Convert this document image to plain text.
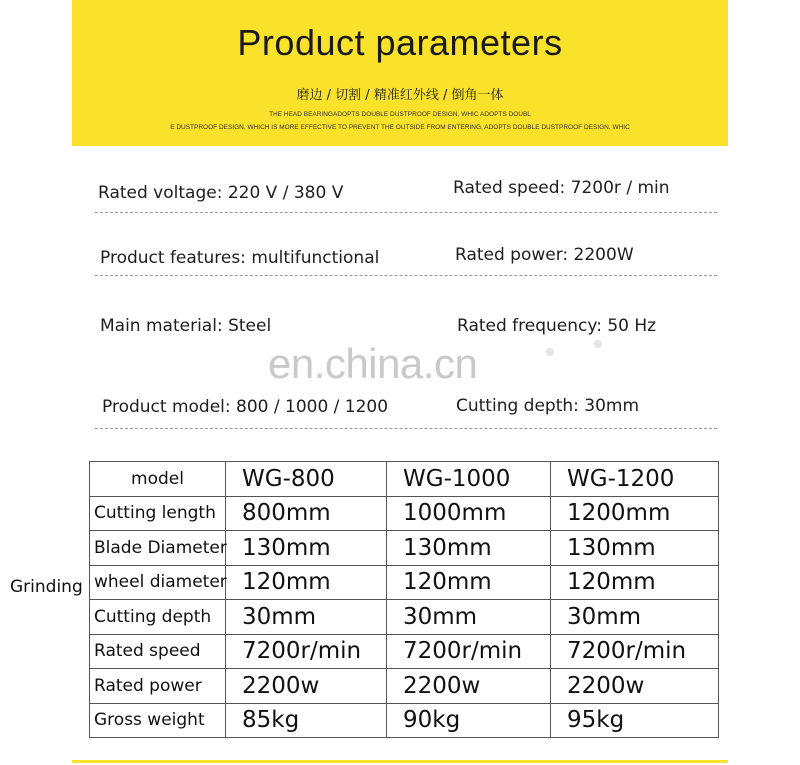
Product parameters
磨边 / 切割 / 精准红外线 / 倒角一体
THE HEAD BEARINGADOPTS DOUBLE DUSTPROOF DESIGN, WHIC ADOPTS DOUBL
E DUSTPROOF DESIGN, WHICH IS MORE EFFECTIVE TO PREVENT THE OUTSIDE FROM ENTERING, ADOPTS DOUBLE DUSTPROOF DESIGN, WHIC
Rated voltage: 220 V / 380 V	Rated speed: 7200r / min
Product features: multifunctional	Rated power: 2200W
Main material: Steel	Rated frequency: 50 Hz
en.china.cn
Product model: 800 / 1000 / 1200	Cutting depth: 30mm
Grinding
model	WG-800	WG-1000	WG-1200
Cutting length	800mm	1000mm	1200mm
Blade Diameter	130mm	130mm	130mm
wheel diameter	120mm	120mm	120mm
Cutting depth	30mm	30mm	30mm
Rated speed	7200r/min	7200r/min	7200r/min
Rated power	2200w	2200w	2200w
Gross weight	85kg	90kg	95kg
